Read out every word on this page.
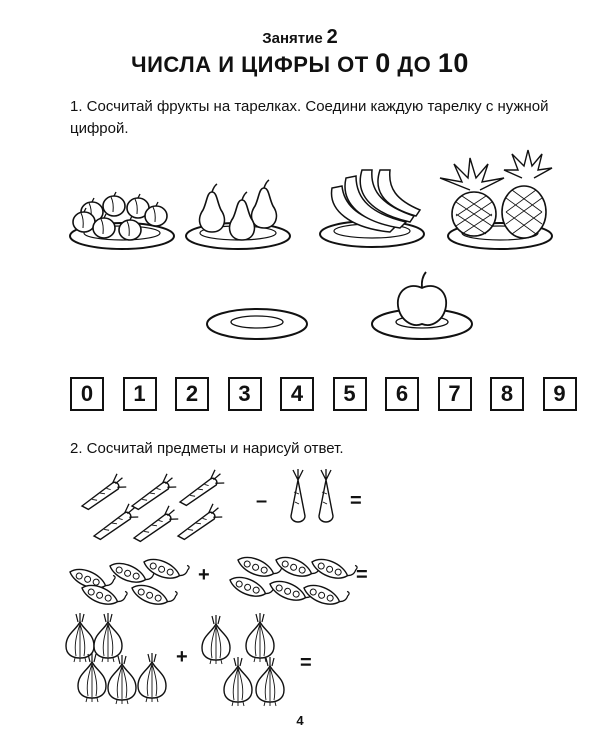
Занятие 2
ЧИСЛА И ЦИФРЫ ОТ 0 ДО 10
1. Сосчитай фрукты на тарелках. Соедини каждую тарелку с нужной цифрой.
0	1	2	3	4	5	6	7	8	9
2. Сосчитай предметы и нарисуй ответ.
–	=
+	=
+	=
4
